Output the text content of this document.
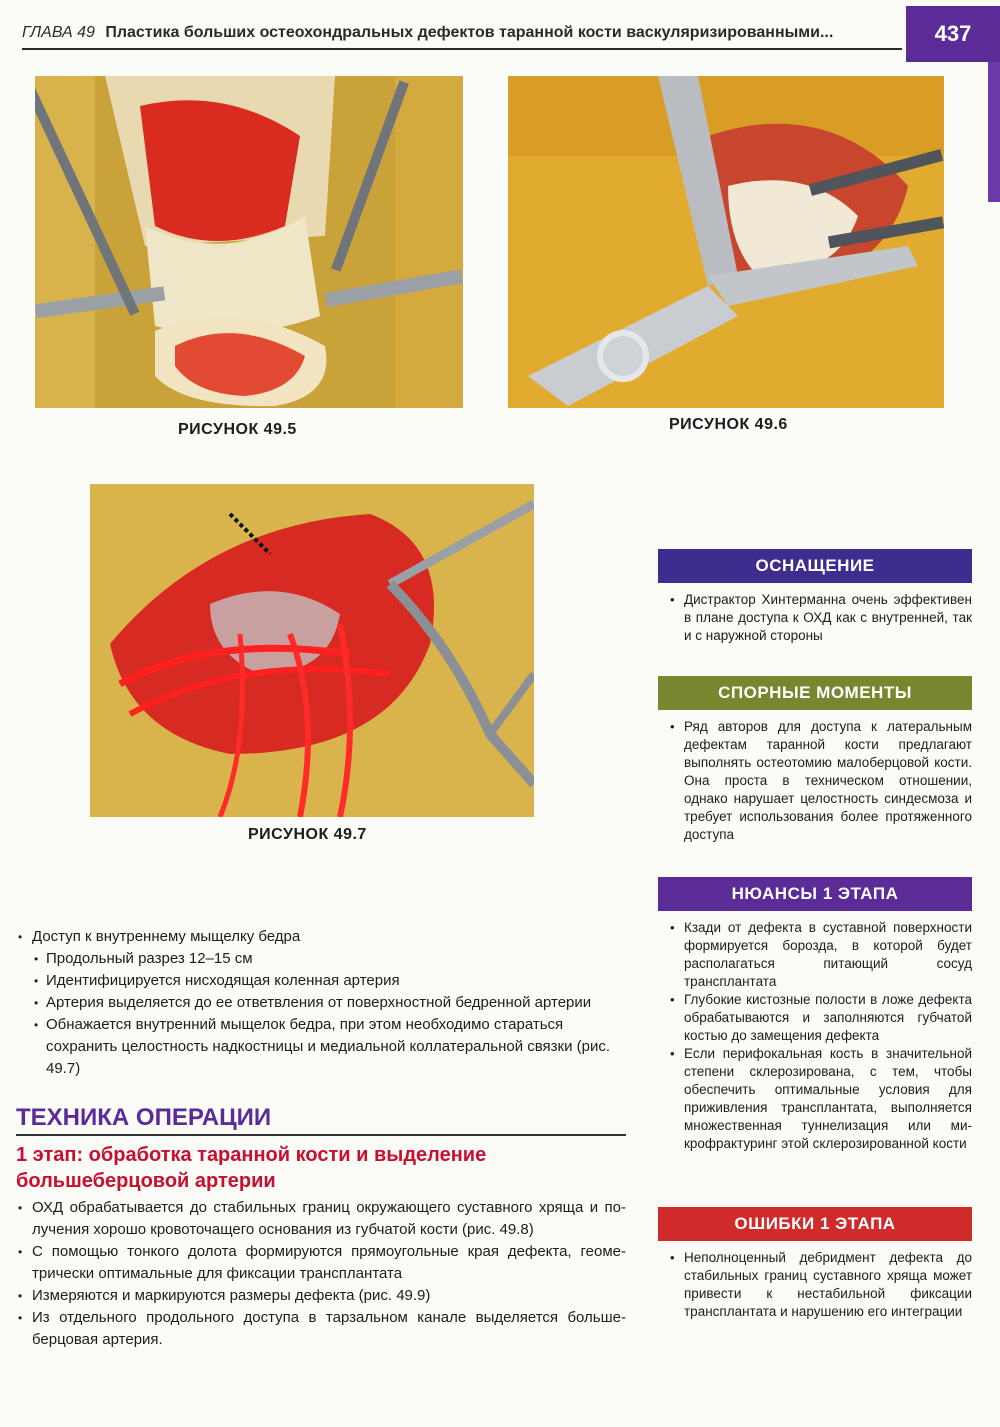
ГЛАВА 49 Пластика больших остеохондральных дефектов таранной кости васкуляризированными...	437
РИСУНОК 49.5	РИСУНОК 49.6
РИСУНОК 49.7
ОСНАЩЕНИЕ
• Дистрактор Хинтерманна очень эффективен в плане доступа к ОХД как с внутренней, так и с наружной стороны
СПОРНЫЕ МОМЕНТЫ
• Ряд авторов для доступа к латеральным дефектам таранной кости предлагают выполнять остеотомию малоберцовой кости. Она проста в техническом отношении, однако нарушает целостность синдесмоза и требует использования более протяженного доступа
НЮАНСЫ 1 ЭТАПА
• Кзади от дефекта в суставной поверхности формируется борозда, в которой будет располагаться питающий сосуд трансплантата
• Глубокие кистозные полости в ложе дефекта обрабатываются и заполняются губчатой костью до замещения дефекта
• Если перифокальная кость в значительной степени склерозирована, с тем, чтобы обеспечить оптимальные условия для приживления трансплантата, выполняется множественная туннелизация или микрофрактуринг этой склерозированной кости
ОШИБКИ 1 ЭТАПА
• Неполноценный дебридмент дефекта до стабильных границ суставного хряща может привести к нестабильной фиксации трансплантата и нарушению его интеграции
• Доступ к внутреннему мыщелку бедра
• Продольный разрез 12–15 см
• Идентифицируется нисходящая коленная артерия
• Артерия выделяется до ее ответвления от поверхностной бедренной артерии
• Обнажается внутренний мыщелок бедра, при этом необходимо стараться сохранить целостность надкостницы и медиальной коллатеральной связки (рис. 49.7)
ТЕХНИКА ОПЕРАЦИИ
1 этап: обработка таранной кости и выделение большеберцовой артерии
• ОХД обрабатывается до стабильных границ окружающего суставного хряща и получения хорошо кровоточащего основания из губчатой кости (рис. 49.8)
• С помощью тонкого долота формируются прямоугольные края дефекта, геометрически оптимальные для фиксации трансплантата
• Измеряются и маркируются размеры дефекта (рис. 49.9)
• Из отдельного продольного доступа в тарзальном канале выделяется большеберцовая артерия.
